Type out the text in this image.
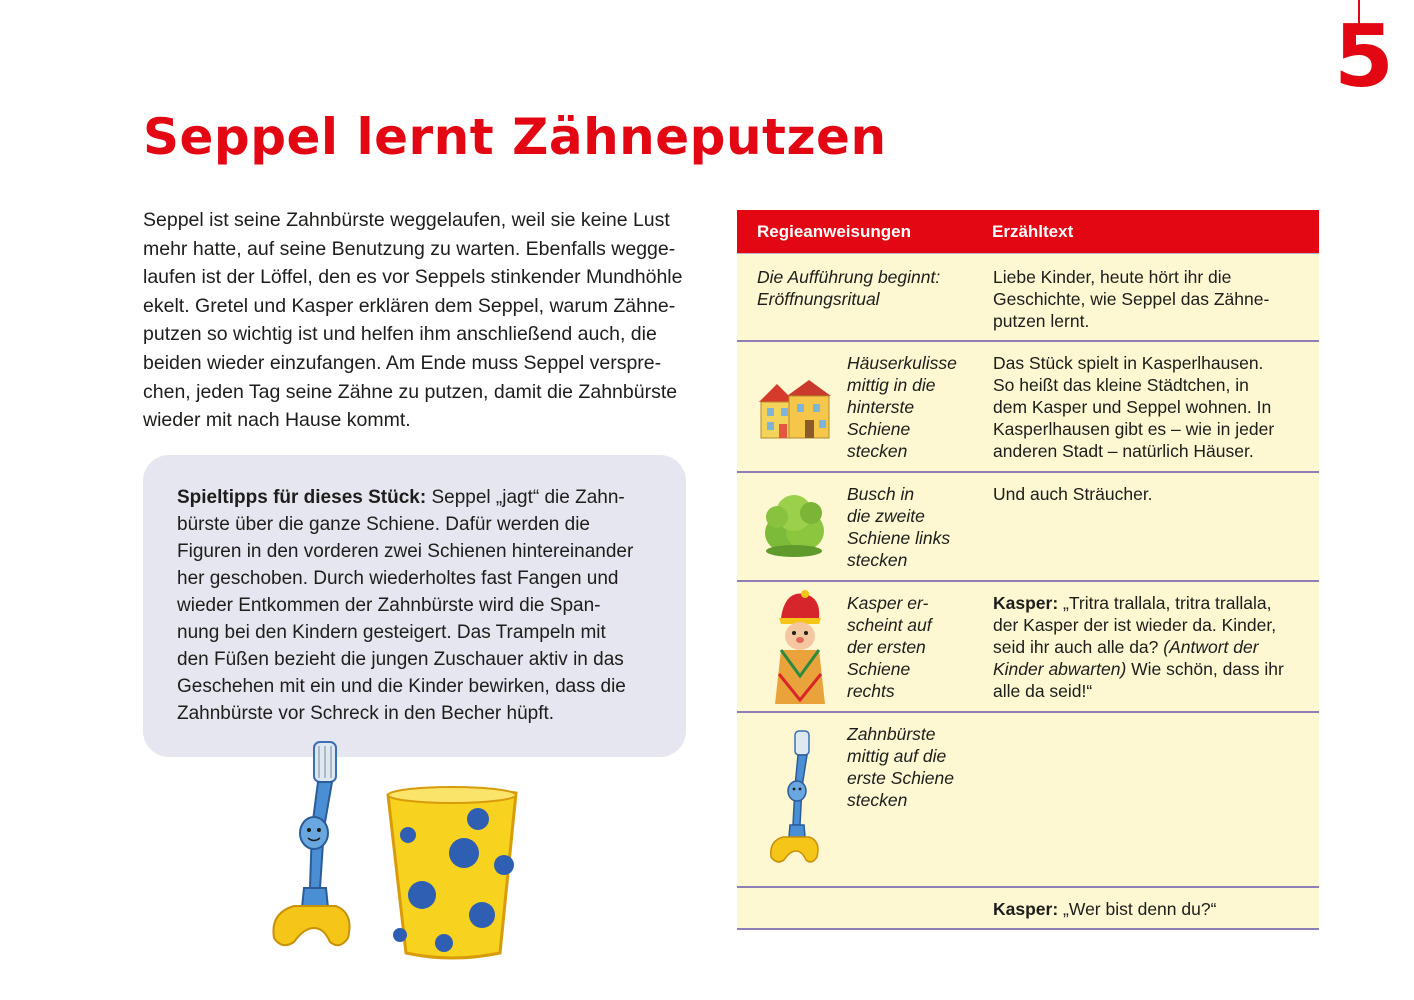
5
Seppel lernt Zähneputzen

Seppel ist seine Zahnbürste weggelaufen, weil sie keine Lust

mehr hatte, auf seine Benutzung zu warten. Ebenfalls wegge-

laufen ist der Löffel, den es vor Seppels stinkender Mundhöhle

ekelt. Gretel und Kasper erklären dem Seppel, warum Zähne-

putzen so wichtig ist und helfen ihm anschließend auch, die

beiden wieder einzufangen. Am Ende muss Seppel verspre-

chen, jeden Tag seine Zähne zu putzen, damit die Zahnbürste

wieder mit nach Hause kommt.

Spieltipps für dieses Stück: Seppel „jagt“ die Zahn-

bürste über die ganze Schiene. Dafür werden die

Figuren in den vorderen zwei Schienen hintereinander

her geschoben. Durch wiederholtes fast Fangen und

wieder Entkommen der Zahnbürste wird die Span-

nung bei den Kindern gesteigert. Das Trampeln mit

den Füßen bezieht die jungen Zuschauer aktiv in das

Geschehen mit ein und die Kinder bewirken, dass die

Zahnbürste vor Schreck in den Becher hüpft.

Regieanweisungen	Erzähltext
Die Aufführung beginnt:
Eröffnungsritual
Liebe Kinder, heute hört ihr die
Geschichte, wie Seppel das Zähne-
putzen lernt.
Häuserkulisse
mittig in die
hinterste
Schiene
stecken
Das Stück spielt in Kasperlhausen.
So heißt das kleine Städtchen, in
dem Kasper und Seppel wohnen. In
Kasperlhausen gibt es – wie in jeder
anderen Stadt – natürlich Häuser.
Busch in
die zweite
Schiene links
stecken
Und auch Sträucher.
Kasper er-
scheint auf
der ersten
Schiene
rechts
Kasper: „Tritra trallala, tritra trallala,
der Kasper der ist wieder da. Kinder,
seid ihr auch alle da? (Antwort der
Kinder abwarten) Wie schön, dass ihr
alle da seid!“
Zahnbürste
mittig auf die
erste Schiene
stecken
Kasper: „Wer bist denn du?“
